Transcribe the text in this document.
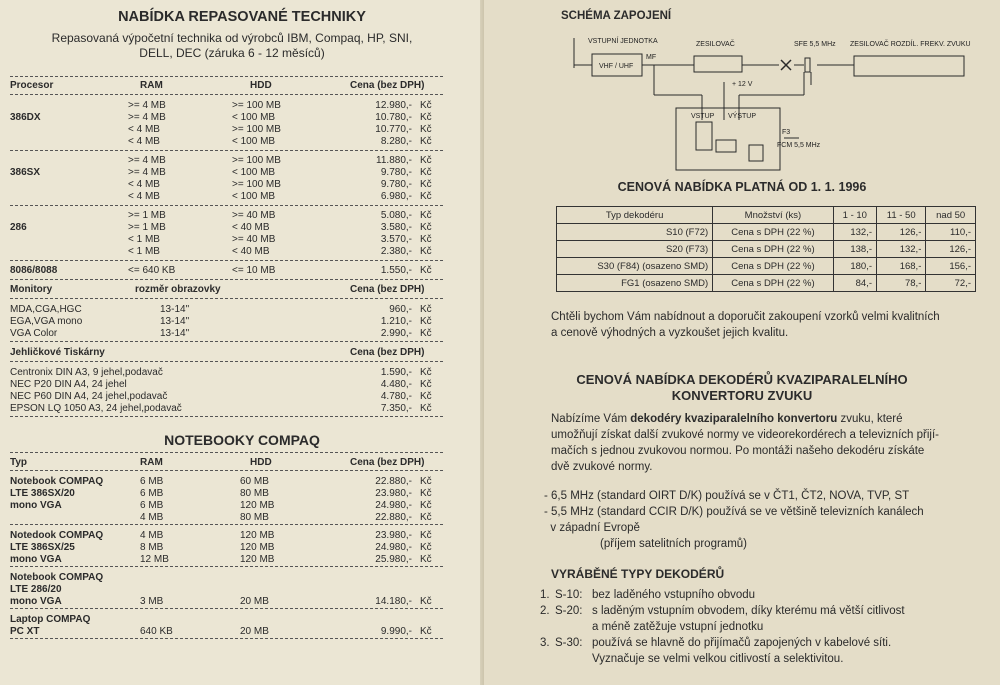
NABÍDKA REPASOVANÉ TECHNIKY
Repasovaná výpočetní technika od výrobců IBM, Compaq, HP, SNI,
DELL, DEC (záruka 6 - 12 měsíců)
Procesor	RAM	HDD	Cena (bez DPH)
>= 4 MB	>= 100 MB	12.980,- Kč
386DX	>= 4 MB	< 100 MB	10.780,- Kč
< 4 MB	>= 100 MB	10.770,- Kč
< 4 MB	< 100 MB	8.280,- Kč
>= 4 MB	>= 100 MB	11.880,- Kč
386SX	>= 4 MB	< 100 MB	9.780,- Kč
< 4 MB	>= 100 MB	9.780,- Kč
< 4 MB	< 100 MB	6.980,- Kč
>= 1 MB	>= 40 MB	5.080,- Kč
286	>= 1 MB	< 40 MB	3.580,- Kč
< 1 MB	>= 40 MB	3.570,- Kč
< 1 MB	< 40 MB	2.380,- Kč
8086/8088	<= 640 KB	<= 10 MB	1.550,- Kč
Monitory	rozměr obrazovky	Cena (bez DPH)
MDA,CGA,HGC	13-14"	960,- Kč
EGA,VGA mono	13-14"	1.210,- Kč
VGA Color	13-14"	2.990,- Kč
Jehličkové Tiskárny	Cena (bez DPH)
Centronix DIN A3, 9 jehel,podavač	1.590,- Kč
NEC P20 DIN A4, 24 jehel	4.480,- Kč
NEC P60 DIN A4, 24 jehel,podavač	4.780,- Kč
EPSON LQ 1050 A3, 24 jehel,podavač	7.350,- Kč
NOTEBOOKY COMPAQ
Typ	RAM	HDD	Cena (bez DPH)
Notebook COMPAQ	6 MB	60 MB	22.880,- Kč
LTE 386SX/20	6 MB	80 MB	23.980,- Kč
mono VGA	6 MB	120 MB	24.980,- Kč
4 MB	80 MB	22.880,- Kč
Notedook COMPAQ	4 MB	120 MB	23.980,- Kč
LTE 386SX/25	8 MB	120 MB	24.980,- Kč
mono VGA	12 MB	120 MB	25.980,- Kč
Notebook COMPAQ
LTE 286/20
mono VGA	3 MB	20 MB	14.180,- Kč
Laptop COMPAQ
PC XT	640 KB	20 MB	9.990,- Kč
SCHÉMA ZAPOJENÍ
VSTUPNÍ JEDNOTKA	ZESILOVAČ	SFE 5,5 MHz ZESILOVAČ ROZDÍL. FREKV. ZVUKU
VHF / UHF
MF
+ 12 V
VSTUP VÝSTUP
F3
FCM 5,5 MHz
CENOVÁ NABÍDKA PLATNÁ OD 1. 1. 1996
Typ dekodéru	Množství (ks)	1 - 10	11 - 50	nad 50
S10 (F72)	Cena s DPH (22 %)	132,-	126,-	110,-
S20 (F73)	Cena s DPH (22 %)	138,-	132,-	126,-
S30 (F84) (osazeno SMD)	Cena s DPH (22 %)	180,-	168,-	156,-
FG1 (osazeno SMD)	Cena s DPH (22 %)	84,-	78,-	72,-
Chtěli bychom Vám nabídnout a doporučit zakoupení vzorků velmi kvalitních
a cenově výhodných a vyzkoušet jejich kvalitu.
CENOVÁ NABÍDKA DEKODÉRŮ KVAZIPARALELNÍHO
KONVERTORU ZVUKU
Nabízíme Vám dekodéry kvaziparalelního konvertoru zvuku, které
umožňují získat další zvukové normy ve videorekordérech a televizních přijí-
mačích s jednou zvukovou normou. Po montáži našeho dekodéru získáte
dvě zvukové normy.
- 6,5 MHz (standard OIRT D/K) používá se v ČT1, ČT2, NOVA, TVP, ST
- 5,5 MHz (standard CCIR D/K) používá se ve většině televizních kanálech
v západní Evropě
(příjem satelitních programů)
VYRÁBĚNÉ TYPY DEKODÉRŮ
1. S-10: bez laděného vstupního obvodu
2. S-20: s laděným vstupním obvodem, díky kterému má větší citlivost
a méně zatěžuje vstupní jednotku
3. S-30: používá se hlavně do přijímačů zapojených v kabelové síti.
Vyznačuje se velmi velkou citlivostí a selektivitou.
